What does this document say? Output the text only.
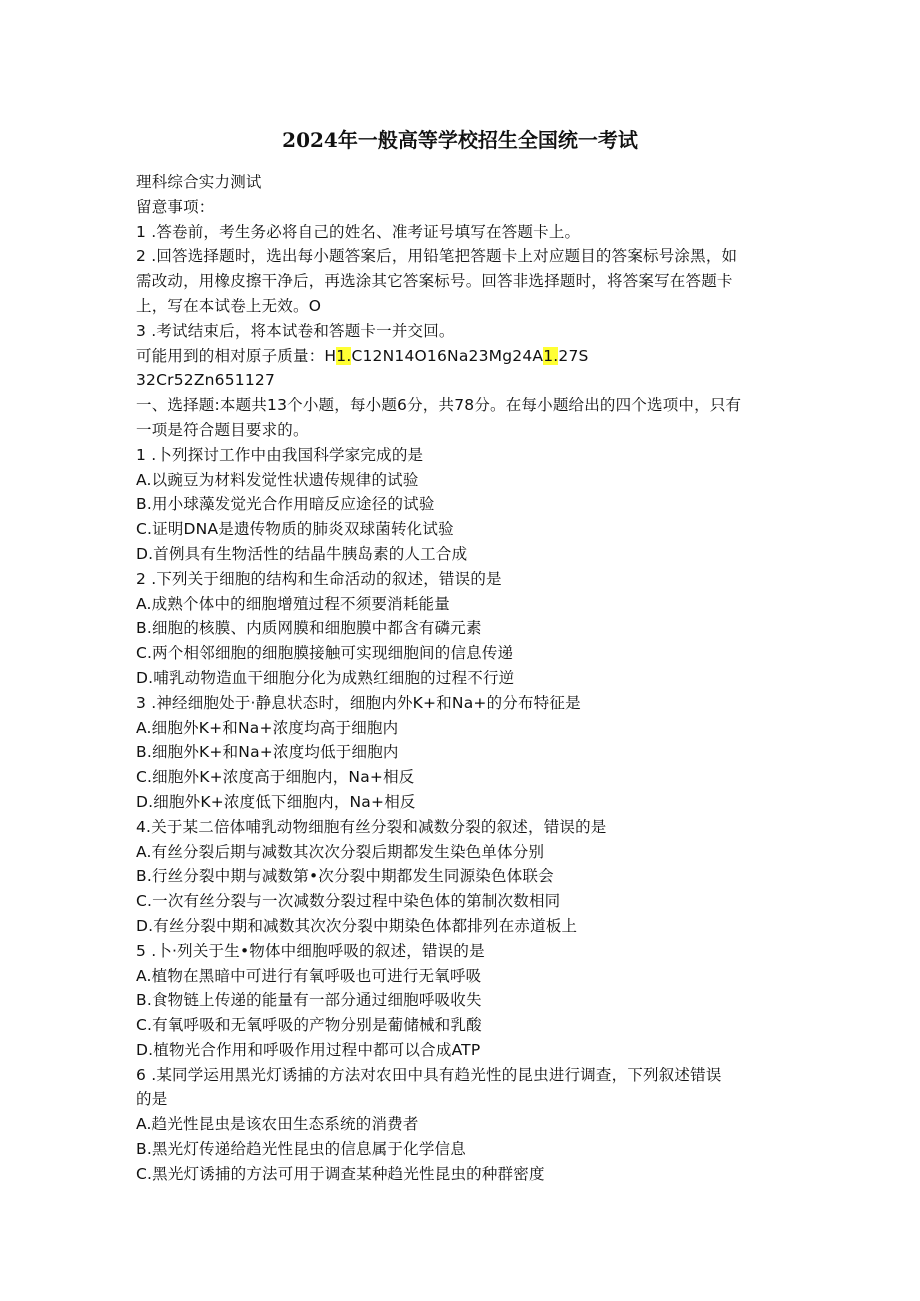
2024年一般高等学校招生全国统一考试
理科综合实力测试
留意事项：
1 .答卷前，考生务必将自己的姓名、准考证号填写在答题卡上。
2 .回答选择题时，选出每小题答案后，用铅笔把答题卡上对应题目的答案标号涂黑，如
需改动，用橡皮擦干净后，再选涂其它答案标号。回答非选择题时，将答案写在答题卡
上，写在本试卷上无效。O
3 .考试结束后，将本试卷和答题卡一并交回。
可能用到的相对原子质量：H1.C12N14O16Na23Mg24A1.27S
32Cr52Zn651127
一、选择题:本题共13个小题，每小题6分，共78分。在每小题给出的四个选项中，只有
一项是符合题目要求的。
1 .卜列探讨工作中由我国科学家完成的是
A.以豌豆为材料发觉性状遗传规律的试验
B.用小球藻发觉光合作用暗反应途径的试验
C.证明DNA是遗传物质的肺炎双球菌转化试验
D.首例具有生物活性的结晶牛胰岛素的人工合成
2 .下列关于细胞的结构和生命活动的叙述，错误的是
A.成熟个体中的细胞增殖过程不须要消耗能量
B.细胞的核膜、内质网膜和细胞膜中都含有磷元素
C.两个相邻细胞的细胞膜接触可实现细胞间的信息传递
D.哺乳动物造血干细胞分化为成熟红细胞的过程不行逆
3 .神经细胞处于·静息状态时，细胞内外K+和Na+的分布特征是
A.细胞外K+和Na+浓度均高于细胞内
B.细胞外K+和Na+浓度均低于细胞内
C.细胞外K+浓度高于细胞内，Na+相反
D.细胞外K+浓度低下细胞内，Na+相反
4.关于某二倍体哺乳动物细胞有丝分裂和减数分裂的叙述，错误的是
A.有丝分裂后期与减数其次次分裂后期都发生染色单体分别
B.行丝分裂中期与减数第•次分裂中期都发生同源染色体联会
C.一次有丝分裂与一次减数分裂过程中染色体的第制次数相同
D.有丝分裂中期和减数其次次分裂中期染色体都排列在赤道板上
5 .卜·列关于生•物体中细胞呼吸的叙述，错误的是
A.植物在黑暗中可进行有氧呼吸也可进行无氧呼吸
B.食物链上传递的能量有一部分通过细胞呼吸收失
C.有氧呼吸和无氧呼吸的产物分别是葡储械和乳酸
D.植物光合作用和呼吸作用过程中都可以合成ATP
6 .某同学运用黑光灯诱捕的方法对农田中具有趋光性的昆虫进行调查，下列叙述错误
的是
A.趋光性昆虫是该农田生态系统的消费者
B.黑光灯传递给趋光性昆虫的信息属于化学信息
C.黑光灯诱捕的方法可用于调查某种趋光性昆虫的种群密度
